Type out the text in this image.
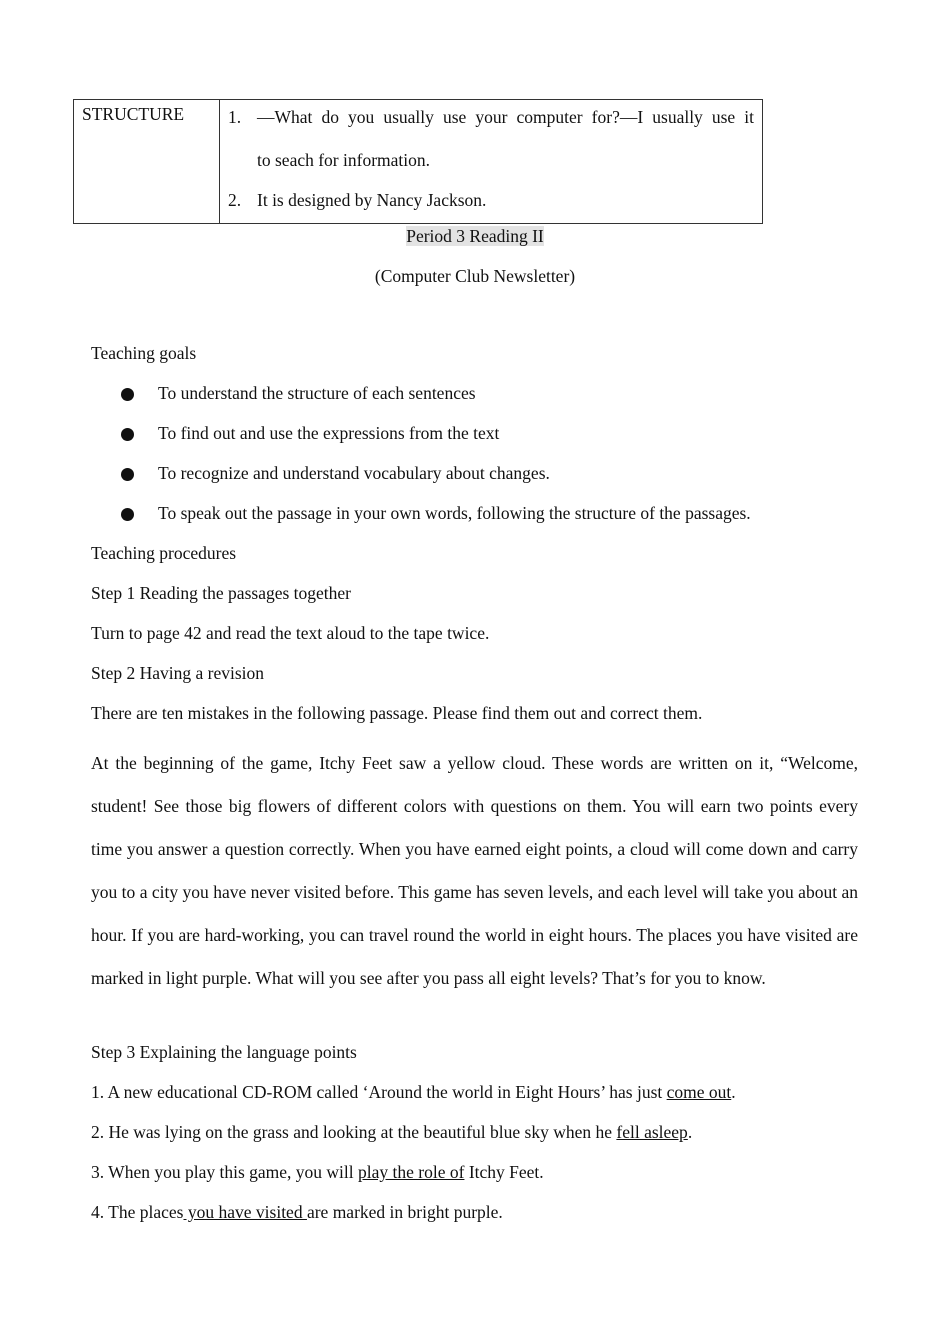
STRUCTURE	1. —What do you usually use your computer for?—I usually use it
to seach for information.
2. It is designed by Nancy Jackson.
Period 3 Reading II
(Computer Club Newsletter)
Teaching goals
To understand the structure of each sentences
To find out and use the expressions from the text
To recognize and understand vocabulary about changes.
To speak out the passage in your own words, following the structure of the passages.
Teaching procedures
Step 1 Reading the passages together
Turn to page 42 and read the text aloud to the tape twice.
Step 2 Having a revision
There are ten mistakes in the following passage. Please find them out and correct them.
At the beginning of the game, Itchy Feet saw a yellow cloud. These words are written on it, “Welcome, student! See those big flowers of different colors with questions on them. You will earn two points every time you answer a question correctly. When you have earned eight points, a cloud will come down and carry you to a city you have never visited before. This game has seven levels, and each level will take you about an hour. If you are hard-working, you can travel round the world in eight hours. The places you have visited are marked in light purple. What will you see after you pass all eight levels? That’s for you to know.
Step 3 Explaining the language points
1. A new educational CD-ROM called ‘Around the world in Eight Hours’ has just come out.
2. He was lying on the grass and looking at the beautiful blue sky when he fell asleep.
3. When you play this game, you will play the role of Itchy Feet.
4. The places you have visited are marked in bright purple.
